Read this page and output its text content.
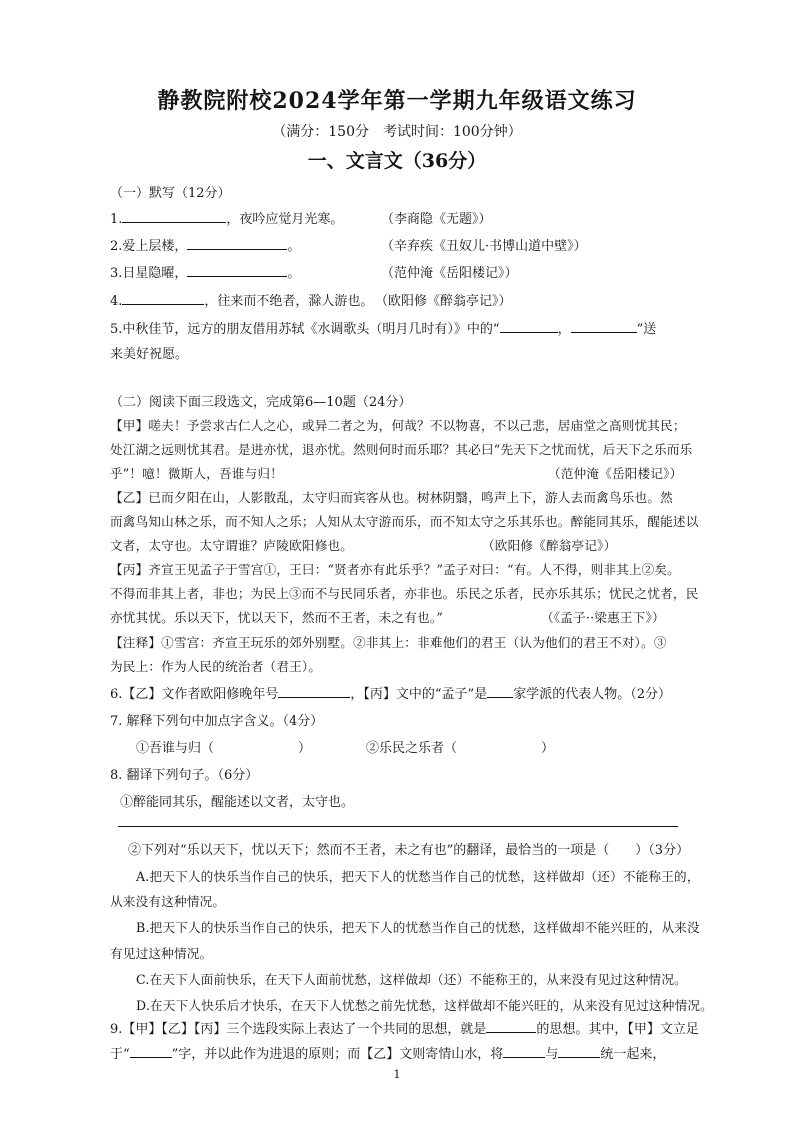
静教院附校2024学年第一学期九年级语文练习
（满分：150分　考试时间：100分钟）
一、文言文（36分）
（一）默写（12分）
1.	，夜吟应觉月光寒。	（李商隐《无题》）
2.爱上层楼，	。	（辛弃疾《丑奴儿·书博山道中壁》）
3.日星隐曜，	。	（范仲淹《岳阳楼记》）
4.	，往来而不绝者，滁人游也。 （欧阳修《醉翁亭记》）
5.中秋佳节，远方的朋友借用苏轼《水调歌头（明月几时有）》中的“	，	”送
来美好祝愿。
（二）阅读下面三段选文，完成第6—10题（24分）
【甲】嗟夫！予尝求古仁人之心，或异二者之为，何哉？不以物喜，不以己悲，居庙堂之高则忧其民；
处江湖之远则忧其君。是进亦忧，退亦忧。然则何时而乐耶？其必曰“先天下之忧而忧，后天下之乐而乐
乎”！噫！微斯人，吾谁与归！	（范仲淹《岳阳楼记》）
【乙】已而夕阳在山，人影散乱，太守归而宾客从也。树林阴翳，鸣声上下，游人去而禽鸟乐也。然
而禽鸟知山林之乐，而不知人之乐；人知从太守游而乐，而不知太守之乐其乐也。醉能同其乐，醒能述以
文者，太守也。太守谓谁？庐陵欧阳修也。	（欧阳修《醉翁亭记》）
【丙】齐宣王见孟子于雪宫①，王曰：“贤者亦有此乐乎？”孟子对曰：“有。人不得，则非其上②矣。
不得而非其上者，非也；为民上③而不与民同乐者，亦非也。乐民之乐者，民亦乐其乐；忧民之忧者，民
亦忧其忧。乐以天下，忧以天下，然而不王者，未之有也。”	（《孟子··梁惠王下》）
【注释】①雪宫：齐宣王玩乐的郊外别墅。②非其上：非难他们的君王（认为他们的君王不对）。③
为民上：作为人民的统治者（君王）。
6.【乙】文作者欧阳修晚年号	，【丙】文中的“孟子”是 家学派的代表人物。（2分）
7. 解释下列句中加点字含义。（4分）
①吾谁与归（	）	②乐民之乐者（	）
8. 翻译下列句子。（6分）
①醉能同其乐，醒能述以文者，太守也。
②下列对“乐以天下，忧以天下；然而不王者，未之有也”的翻译，最恰当的一项是（　　）（3分）
A.把天下人的快乐当作自己的快乐，把天下人的忧愁当作自己的忧愁，这样做却（还）不能称王的，
从来没有这种情况。
B.把天下人的快乐当作自己的快乐，把天下人的忧愁当作自己的忧愁，这样做却不能兴旺的，从来没
有见过这种情况。
C.在天下人面前快乐，在天下人面前忧愁，这样做却（还）不能称王的，从来没有见过这种情况。
D.在天下人快乐后才快乐，在天下人忧愁之前先忧愁，这样做却不能兴旺的，从来没有见过这种情况。
9.【甲】【乙】【丙】三个选段实际上表达了一个共同的思想，就是	的思想。其中，【甲】文立足
于“	”字，并以此作为进退的原则；而【乙】文则寄情山水，将	与	统一起来，
1
